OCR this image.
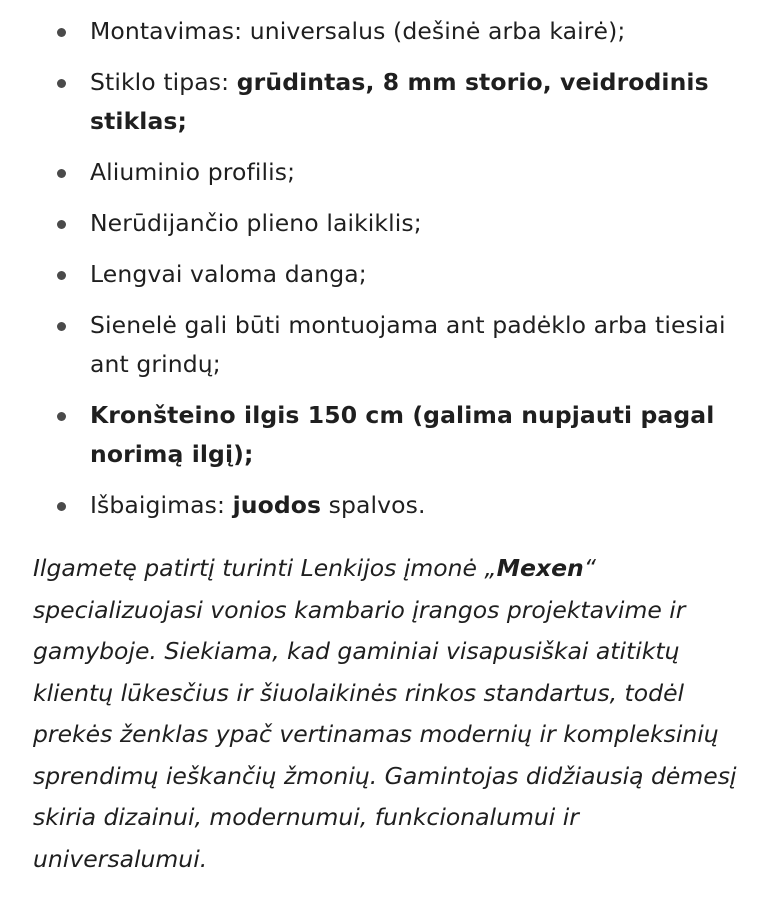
Montavimas: universalus (dešinė arba kairė);
Stiklo tipas: grūdintas, 8 mm storio, veidrodinis stiklas;
Aliuminio profilis;
Nerūdijančio plieno laikiklis;
Lengvai valoma danga;
Sienelė gali būti montuojama ant padėklo arba tiesiai ant grindų;
Kronšteino ilgis 150 cm (galima nupjauti pagal norimą ilgį);
Išbaigimas: juodos spalvos.

Ilgametę patirtį turinti Lenkijos įmonė „Mexen“ specializuojasi vonios kambario įrangos projektavime ir gamyboje. Siekiama, kad gaminiai visapusiškai atitiktų klientų lūkesčius ir šiuolaikinės rinkos standartus, todėl prekės ženklas ypač vertinamas modernių ir kompleksinių sprendimų ieškančių žmonių. Gamintojas didžiausią dėmesį skiria dizainui, modernumui, funkcionalumui ir universalumui.
